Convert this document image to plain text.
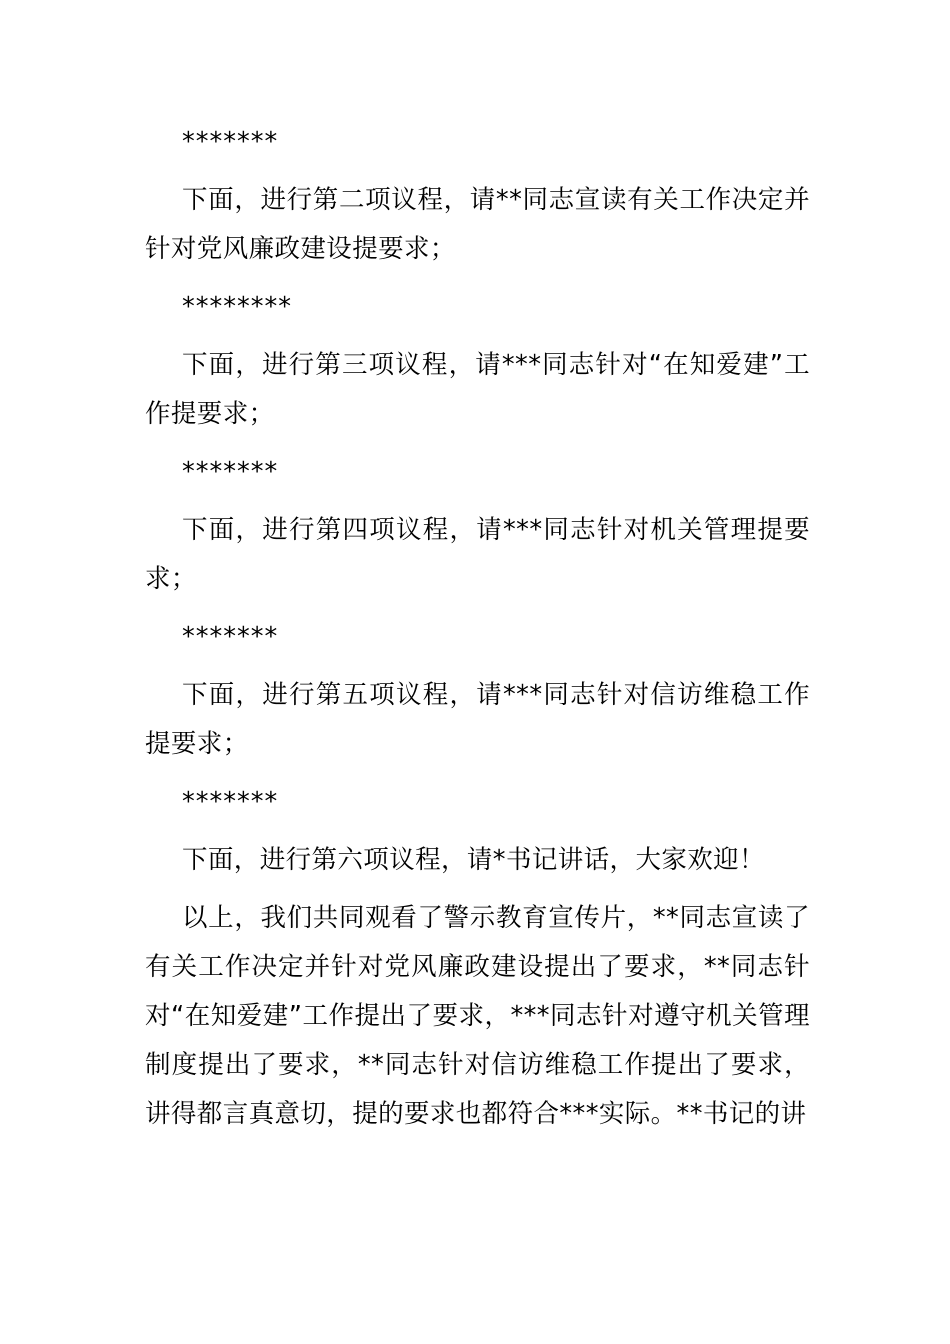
*******

下面，进行第二项议程，请**同志宣读有关工作决定并针对党风廉政建设提要求；

********

下面，进行第三项议程，请***同志针对“在知爱建”工作提要求；

*******

下面，进行第四项议程，请***同志针对机关管理提要求；

*******

下面，进行第五项议程，请***同志针对信访维稳工作提要求；

*******

下面，进行第六项议程，请*书记讲话，大家欢迎！

以上，我们共同观看了警示教育宣传片，**同志宣读了有关工作决定并针对党风廉政建设提出了要求，**同志针对“在知爱建”工作提出了要求，***同志针对遵守机关管理制度提出了要求，**同志针对信访维稳工作提出了要求，讲得都言真意切，提的要求也都符合***实际。**书记的讲
